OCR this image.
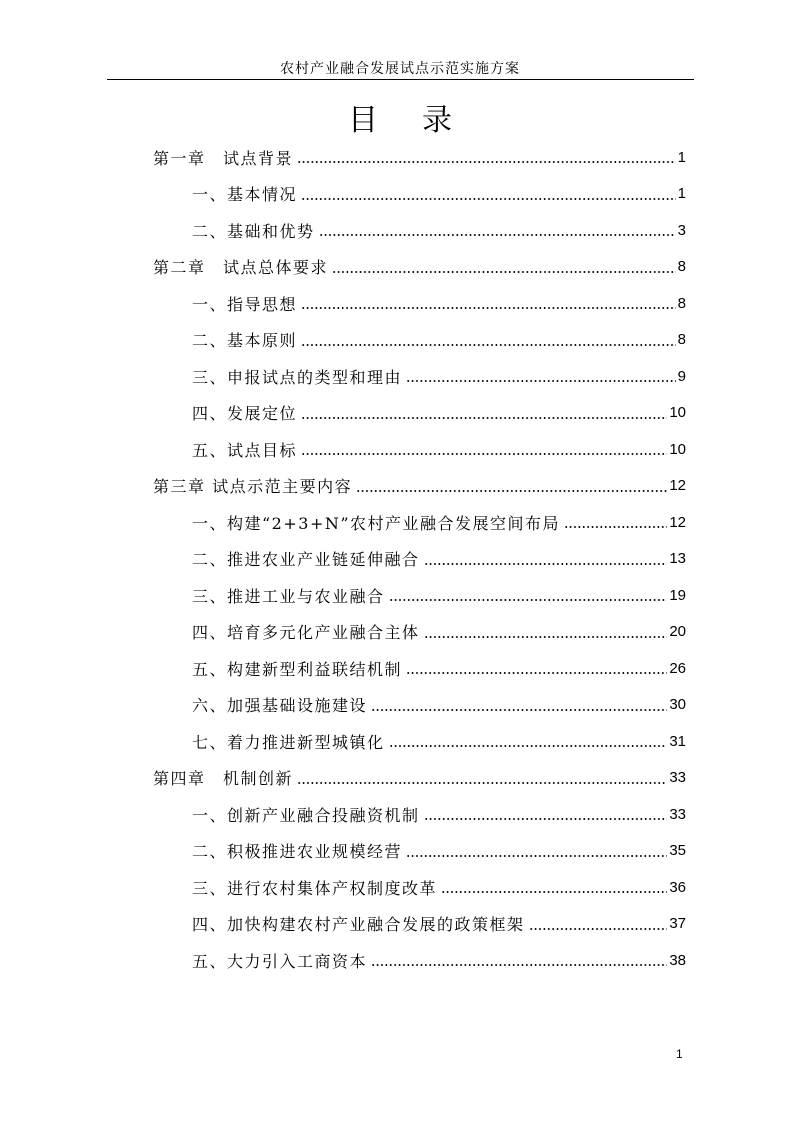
农村产业融合发展试点示范实施方案
目录
第一章　试点背景	1
一、基本情况	1
二、基础和优势	3
第二章　试点总体要求	8
一、指导思想	8
二、基本原则	8
三、申报试点的类型和理由	9
四、发展定位	10
五、试点目标	10
第三章 试点示范主要内容	12
一、构建“2+3+N”农村产业融合发展空间布局	12
二、推进农业产业链延伸融合	13
三、推进工业与农业融合	19
四、培育多元化产业融合主体	20
五、构建新型利益联结机制	26
六、加强基础设施建设	30
七、着力推进新型城镇化	31
第四章　机制创新	33
一、创新产业融合投融资机制	33
二、积极推进农业规模经营	35
三、进行农村集体产权制度改革	36
四、加快构建农村产业融合发展的政策框架	37
五、大力引入工商资本	38
1
